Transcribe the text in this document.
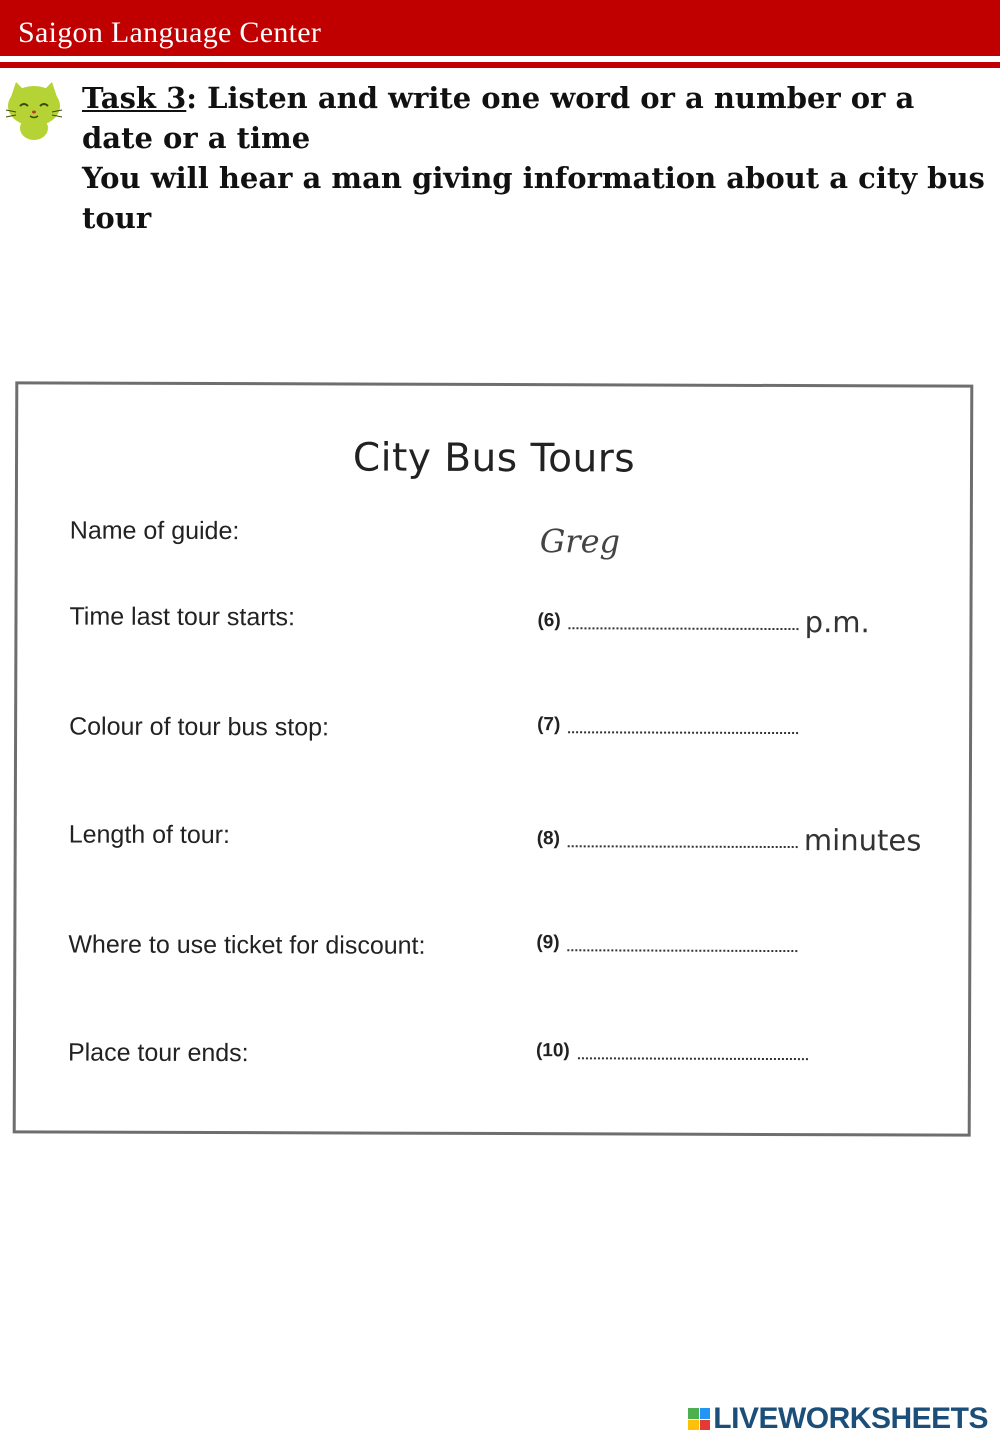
Saigon Language Center

Task 3: Listen and write one word or a number or a date or a time

You will hear a man giving information about a city bus tour

City Bus Tours
Name of guide:	Greg
Time last tour starts:	(6)	p.m.
Colour of tour bus stop:	(7)
Length of tour:	(8)	minutes
Where to use ticket for discount:	(9)
Place tour ends:	(10)
LIVEWORKSHEETS
